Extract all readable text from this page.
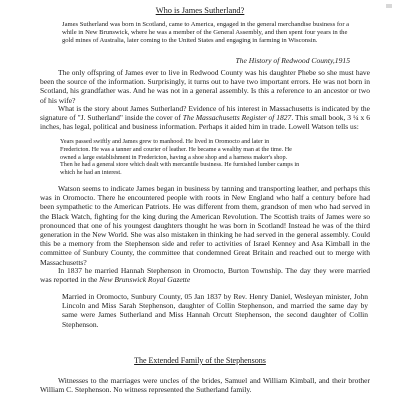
Who is James Sutherland?
James Sutherland was born in Scotland, came to America, engaged in the general merchandise business for a while in New Brunswick, where he was a member of the General Assembly, and then spent four years in the gold mines of Australia, later coming to the United States and engaging in farming in Wisconsin.
The History of Redwood County,1915

The only offspring of James ever to live in Redwood County was his daughter Phebe so she must have been the source of the information. Surprisingly, it turns out to have two important errors. He was not born in Scotland, his grandfather was. And he was not in a general assembly. Is this a reference to an ancestor or two of his wife?

What is the story about James Sutherland? Evidence of his interest in Massachusetts is indicated by the signature of "J. Sutherland" inside the cover of The Massachusetts Register of 1827. This small book, 3 ¼ x 6 inches, has legal, political and business information. Perhaps it aided him in trade. Lowell Watson tells us:

Years passed swiftly and James grew to manhood. He lived in Oromocto and later in Fredericton. He was a tanner and courier of leather. He became a wealthy man at the time. He owned a large establishment in Fredericton, having a shoe shop and a harness maker's shop. Then he had a general store which dealt with mercantile business. He furnished lumber camps in which he had an interest.

Watson seems to indicate James began in business by tanning and transporting leather, and perhaps this was in Oromocto. There he encountered people with roots in New England who half a century before had been sympathetic to the American Patriots. He was different from them, grandson of men who had served in the Black Watch, fighting for the king during the American Revolution. The Scottish traits of James were so pronounced that one of his youngest daughters thought he was born in Scotland! Instead he was of the third generation in the New World. She was also mistaken in thinking he had served in the general assembly. Could this be a memory from the Stephenson side and refer to activities of Israel Kenney and Asa Kimball in the committee of Sunbury County, the committee that condemned Great Britain and reached out to merge with Massachusetts?

In 1837 he married Hannah Stephenson in Oromocto, Burton Township. The day they were married was reported in the New Brunswick Royal Gazette

Married in Oromocto, Sunbury County, 05 Jan 1837 by Rev. Henry Daniel, Wesleyan minister, John Lincoln and Miss Sarah Stephenson, daughter of Collin Stephenson, and married the same day by same were James Sutherland and Miss Hannah Orcutt Stephenson, the second daughter of Collin Stephenson.

The Extended Family of the Stephensons

Witnesses to the marriages were uncles of the brides, Samuel and William Kimball, and their brother William C. Stephenson. No witness represented the Sutherland family.
